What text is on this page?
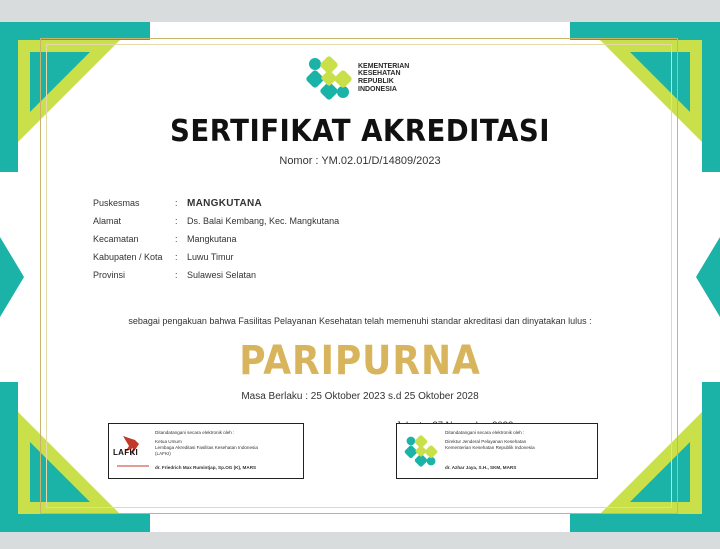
KEMENTERIAN
KESEHATAN
REPUBLIK
INDONESIA
SERTIFIKAT AKREDITASI
Nomor : YM.02.01/D/14809/2023
Puskesmas	: MANGKUTANA
Alamat	:	Ds. Balai Kembang, Kec. Mangkutana
Kecamatan	:	Mangkutana
Kabupaten / Kota	:	Luwu Timur
Provinsi	:	Sulawesi Selatan
sebagai pengakuan bahwa Fasilitas Pelayanan Kesehatan telah memenuhi standar akreditasi dan dinyatakan lulus :
PARIPURNA
Masa Berlaku : 25 Oktober 2023 s.d 25 Oktober 2028
LAFKI
Ditandatangani secara elektronik oleh :
Ketua Umum
Lembaga Akreditasi Fasilitas Kesehatan Indonesia
(LAFKI)
dr. Friedrich Max Rumintjap, Sp.OG (K), MARS
Ditandatangani secara elektronik oleh :
Direktur Jenderal Pelayanan Kesehatan
Kementerian Kesehatan Republik Indonesia
dr. Azhar Jaya, S.H., SKM, MARS
